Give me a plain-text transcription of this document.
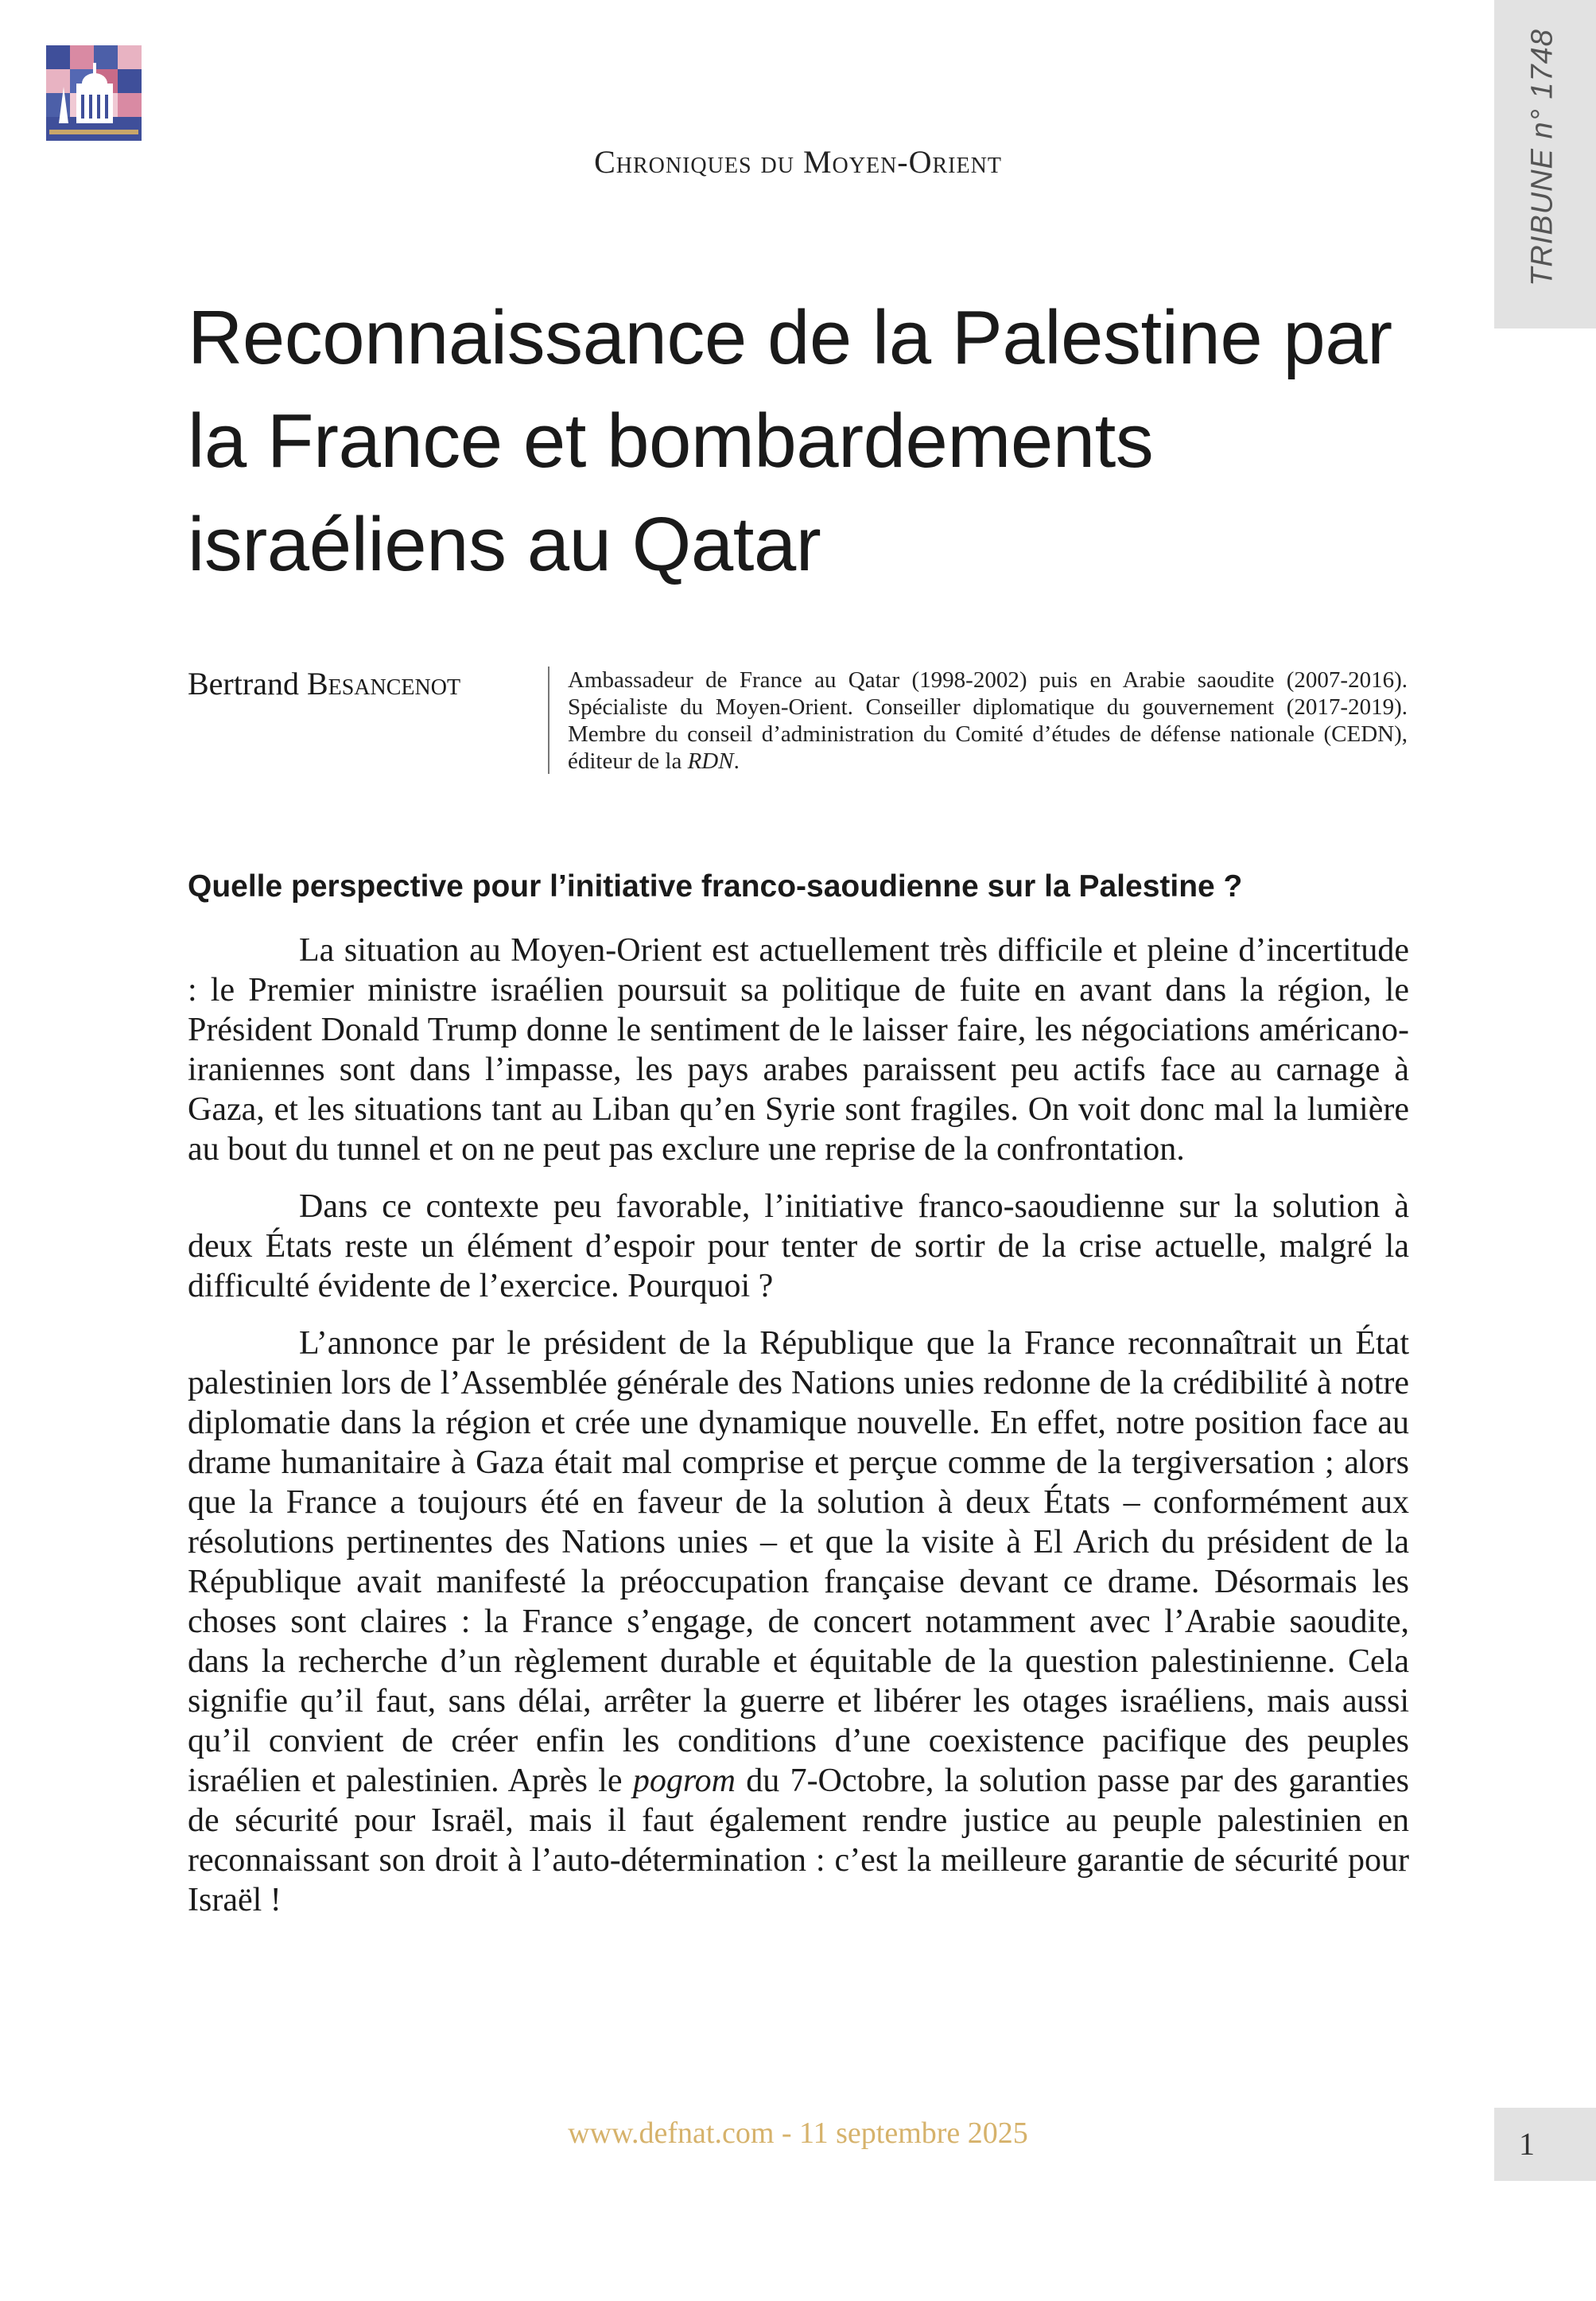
TRIBUNE n° 1748
Chroniques du Moyen-Orient
Reconnaissance de la Palestine par la France et bombardements israéliens au Qatar
Bertrand Besancenot	Ambassadeur de France au Qatar (1998-2002) puis en Arabie saoudite (2007-2016). Spécialiste du Moyen-Orient. Conseiller diplomatique du gouvernement (2017-2019). Membre du conseil d’administration du Comité d’études de défense nationale (CEDN), éditeur de la RDN.
Quelle perspective pour l’initiative franco-saoudienne sur la Palestine ?

La situation au Moyen-Orient est actuellement très difficile et pleine d’incertitude : le Premier ministre israélien poursuit sa politique de fuite en avant dans la région, le Président Donald Trump donne le sentiment de le laisser faire, les négociations américano-iraniennes sont dans l’impasse, les pays arabes paraissent peu actifs face au carnage à Gaza, et les situations tant au Liban qu’en Syrie sont fragiles. On voit donc mal la lumière au bout du tunnel et on ne peut pas exclure une reprise de la confrontation.

Dans ce contexte peu favorable, l’initiative franco-saoudienne sur la solution à deux États reste un élément d’espoir pour tenter de sortir de la crise actuelle, malgré la difficulté évidente de l’exercice. Pourquoi ?

L’annonce par le président de la République que la France reconnaîtrait un État palestinien lors de l’Assemblée générale des Nations unies redonne de la crédibilité à notre diplomatie dans la région et crée une dynamique nouvelle. En effet, notre position face au drame humanitaire à Gaza était mal comprise et perçue comme de la tergiversation ; alors que la France a toujours été en faveur de la solution à deux États – conformément aux résolutions pertinentes des Nations unies – et que la visite à El Arich du président de la République avait manifesté la préoccupation française devant ce drame. Désormais les choses sont claires : la France s’engage, de concert notamment avec l’Arabie saoudite, dans la recherche d’un règlement durable et équitable de la question palestinienne. Cela signifie qu’il faut, sans délai, arrêter la guerre et libérer les otages israéliens, mais aussi qu’il convient de créer enfin les conditions d’une coexistence pacifique des peuples israélien et palestinien. Après le pogrom du 7-Octobre, la solution passe par des garanties de sécurité pour Israël, mais il faut également rendre justice au peuple palestinien en reconnaissant son droit à l’auto-détermination : c’est la meilleure garantie de sécurité pour Israël !

www.defnat.com - 11 septembre 2025	1
